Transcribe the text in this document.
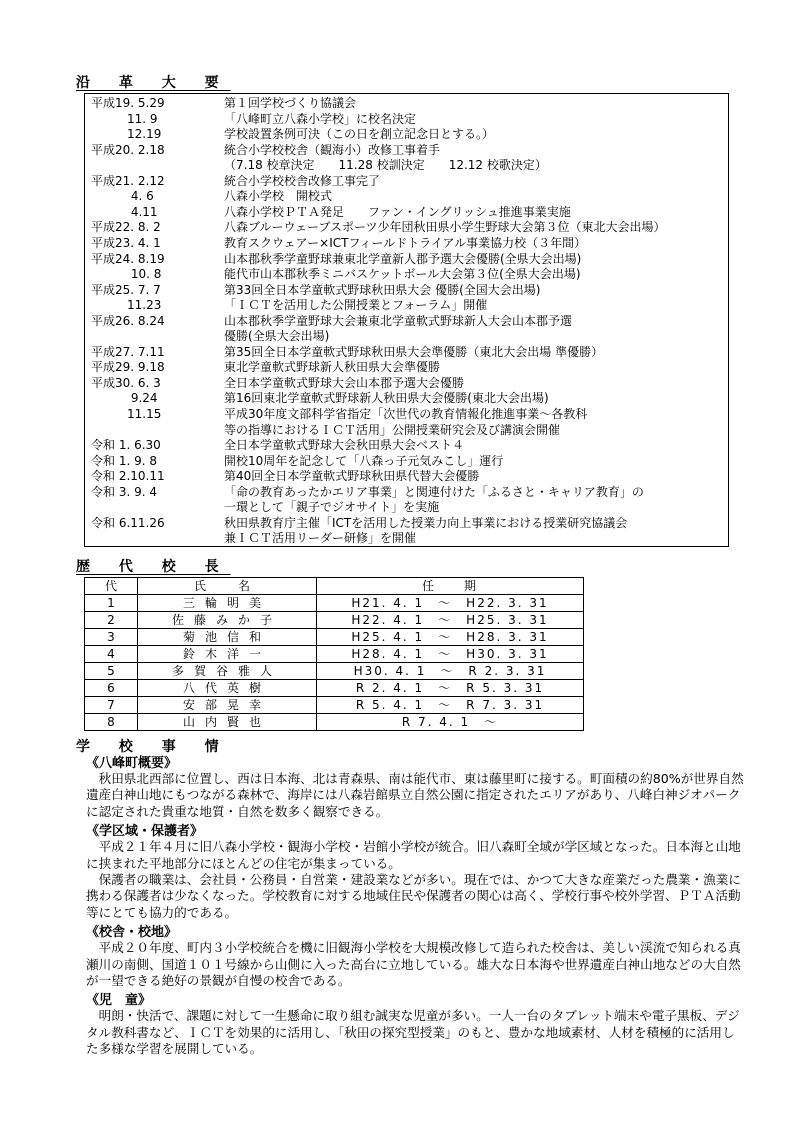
沿 革 大 要
平成19. 5.29	第１回学校づくり協議会
　　　11. 9	「八峰町立八森小学校」に校名決定
　　　12.19	学校設置条例可決（この日を創立記念日とする。）
平成20. 2.18	統合小学校校舎（観海小）改修工事着手
（7.18 校章決定　　11.28 校訓決定　　12.12 校歌決定）
平成21. 2.12	統合小学校校舎改修工事完了
　　　 4. 6	八森小学校　開校式
　　　 4.11	八森小学校ＰＴＡ発足　　ファン・イングリッシュ推進事業実施
平成22. 8. 2	八森ブルーウェーブスポーツ少年団秋田県小学生野球大会第３位（東北大会出場）
平成23. 4. 1	教育スクウェアー×ICTフィールドトライアル事業協力校（３年間）
平成24. 8.19	山本郡秋季学童野球兼東北学童新人郡予選大会優勝(全県大会出場)
　　　 10. 8	能代市山本郡秋季ミニバスケットボール大会第３位(全県大会出場)
平成25. 7. 7	第33回全日本学童軟式野球秋田県大会 優勝(全国大会出場)
　　　11.23	「ＩＣＴを活用した公開授業とフォーラム」開催
平成26. 8.24	山本郡秋季学童野球大会兼東北学童軟式野球新人大会山本郡予選
優勝(全県大会出場)
平成27. 7.11	第35回全日本学童軟式野球秋田県大会準優勝（東北大会出場 準優勝）
平成29. 9.18	東北学童軟式野球新人秋田県大会準優勝
平成30. 6. 3	全日本学童軟式野球大会山本郡予選大会優勝
　　　 9.24	第16回東北学童軟式野球新人秋田県大会優勝(東北大会出場)
　　　11.15	平成30年度文部科学省指定「次世代の教育情報化推進事業～各教科
等の指導におけるＩＣＴ活用」公開授業研究会及び講演会開催
令和 1. 6.30	全日本学童軟式野球大会秋田県大会ベスト４
令和 1. 9. 8	開校10周年を記念して「八森っ子元気みこし」運行
令和 2.10.11	第40回全日本学童軟式野球秋田県代替大会優勝
令和 3. 9. 4	「命の教育あったかエリア事業」と関連付けた「ふるさと・キャリア教育」の
一環として「親子でジオサイト」を実施
令和 6.11.26	秋田県教育庁主催「ICTを活用した授業力向上事業における授業研究協議会
兼ＩＣＴ活用リーダー研修」を開催
歴 代 校 長
代	氏　名	任　　期
1	三輪明美	H21. 4. 1　～　H22. 3. 31
2	佐藤みか子	H22. 4. 1　～　H25. 3. 31
3	菊池信和	H25. 4. 1　～　H28. 3. 31
4	鈴木洋一	H28. 4. 1　～　H30. 3. 31
5	多賀谷雅人	H30. 4. 1　～　R 2. 3. 31
6	八代英樹	R 2. 4. 1　～　R 5. 3. 31
7	安部晃幸	R 5. 4. 1　～　R 7. 3. 31
8	山内賢也	R 7. 4. 1　～
学 校 事 情
《八峰町概要》
　秋田県北西部に位置し、西は日本海、北は青森県、南は能代市、東は藤里町に接する。町面積の約80%が世界自然遺産白神山地にもつながる森林で、海岸には八森岩館県立自然公園に指定されたエリアがあり、八峰白神ジオパークに認定された貴重な地質・自然を数多く観察できる。
《学区域・保護者》
　平成２１年４月に旧八森小学校・観海小学校・岩館小学校が統合。旧八森町全域が学区域となった。日本海と山地に挟まれた平地部分にほとんどの住宅が集まっている。
　保護者の職業は、会社員・公務員・自営業・建設業などが多い。現在では、かつて大きな産業だった農業・漁業に携わる保護者は少なくなった。学校教育に対する地域住民や保護者の関心は高く、学校行事や校外学習、ＰＴＡ活動等にとても協力的である。
《校舎・校地》
　平成２０年度、町内３小学校統合を機に旧観海小学校を大規模改修して造られた校舎は、美しい渓流で知られる真瀬川の南側、国道１０１号線から山側に入った高台に立地している。雄大な日本海や世界遺産白神山地などの大自然が一望できる絶好の景観が自慢の校舎である。
《児　童》
　明朗・快活で、課題に対して一生懸命に取り組む誠実な児童が多い。一人一台のタブレット端末や電子黒板、デジタル教科書など、ＩＣＴを効果的に活用し、「秋田の探究型授業」のもと、豊かな地域素材、人材を積極的に活用した多様な学習を展開している。
